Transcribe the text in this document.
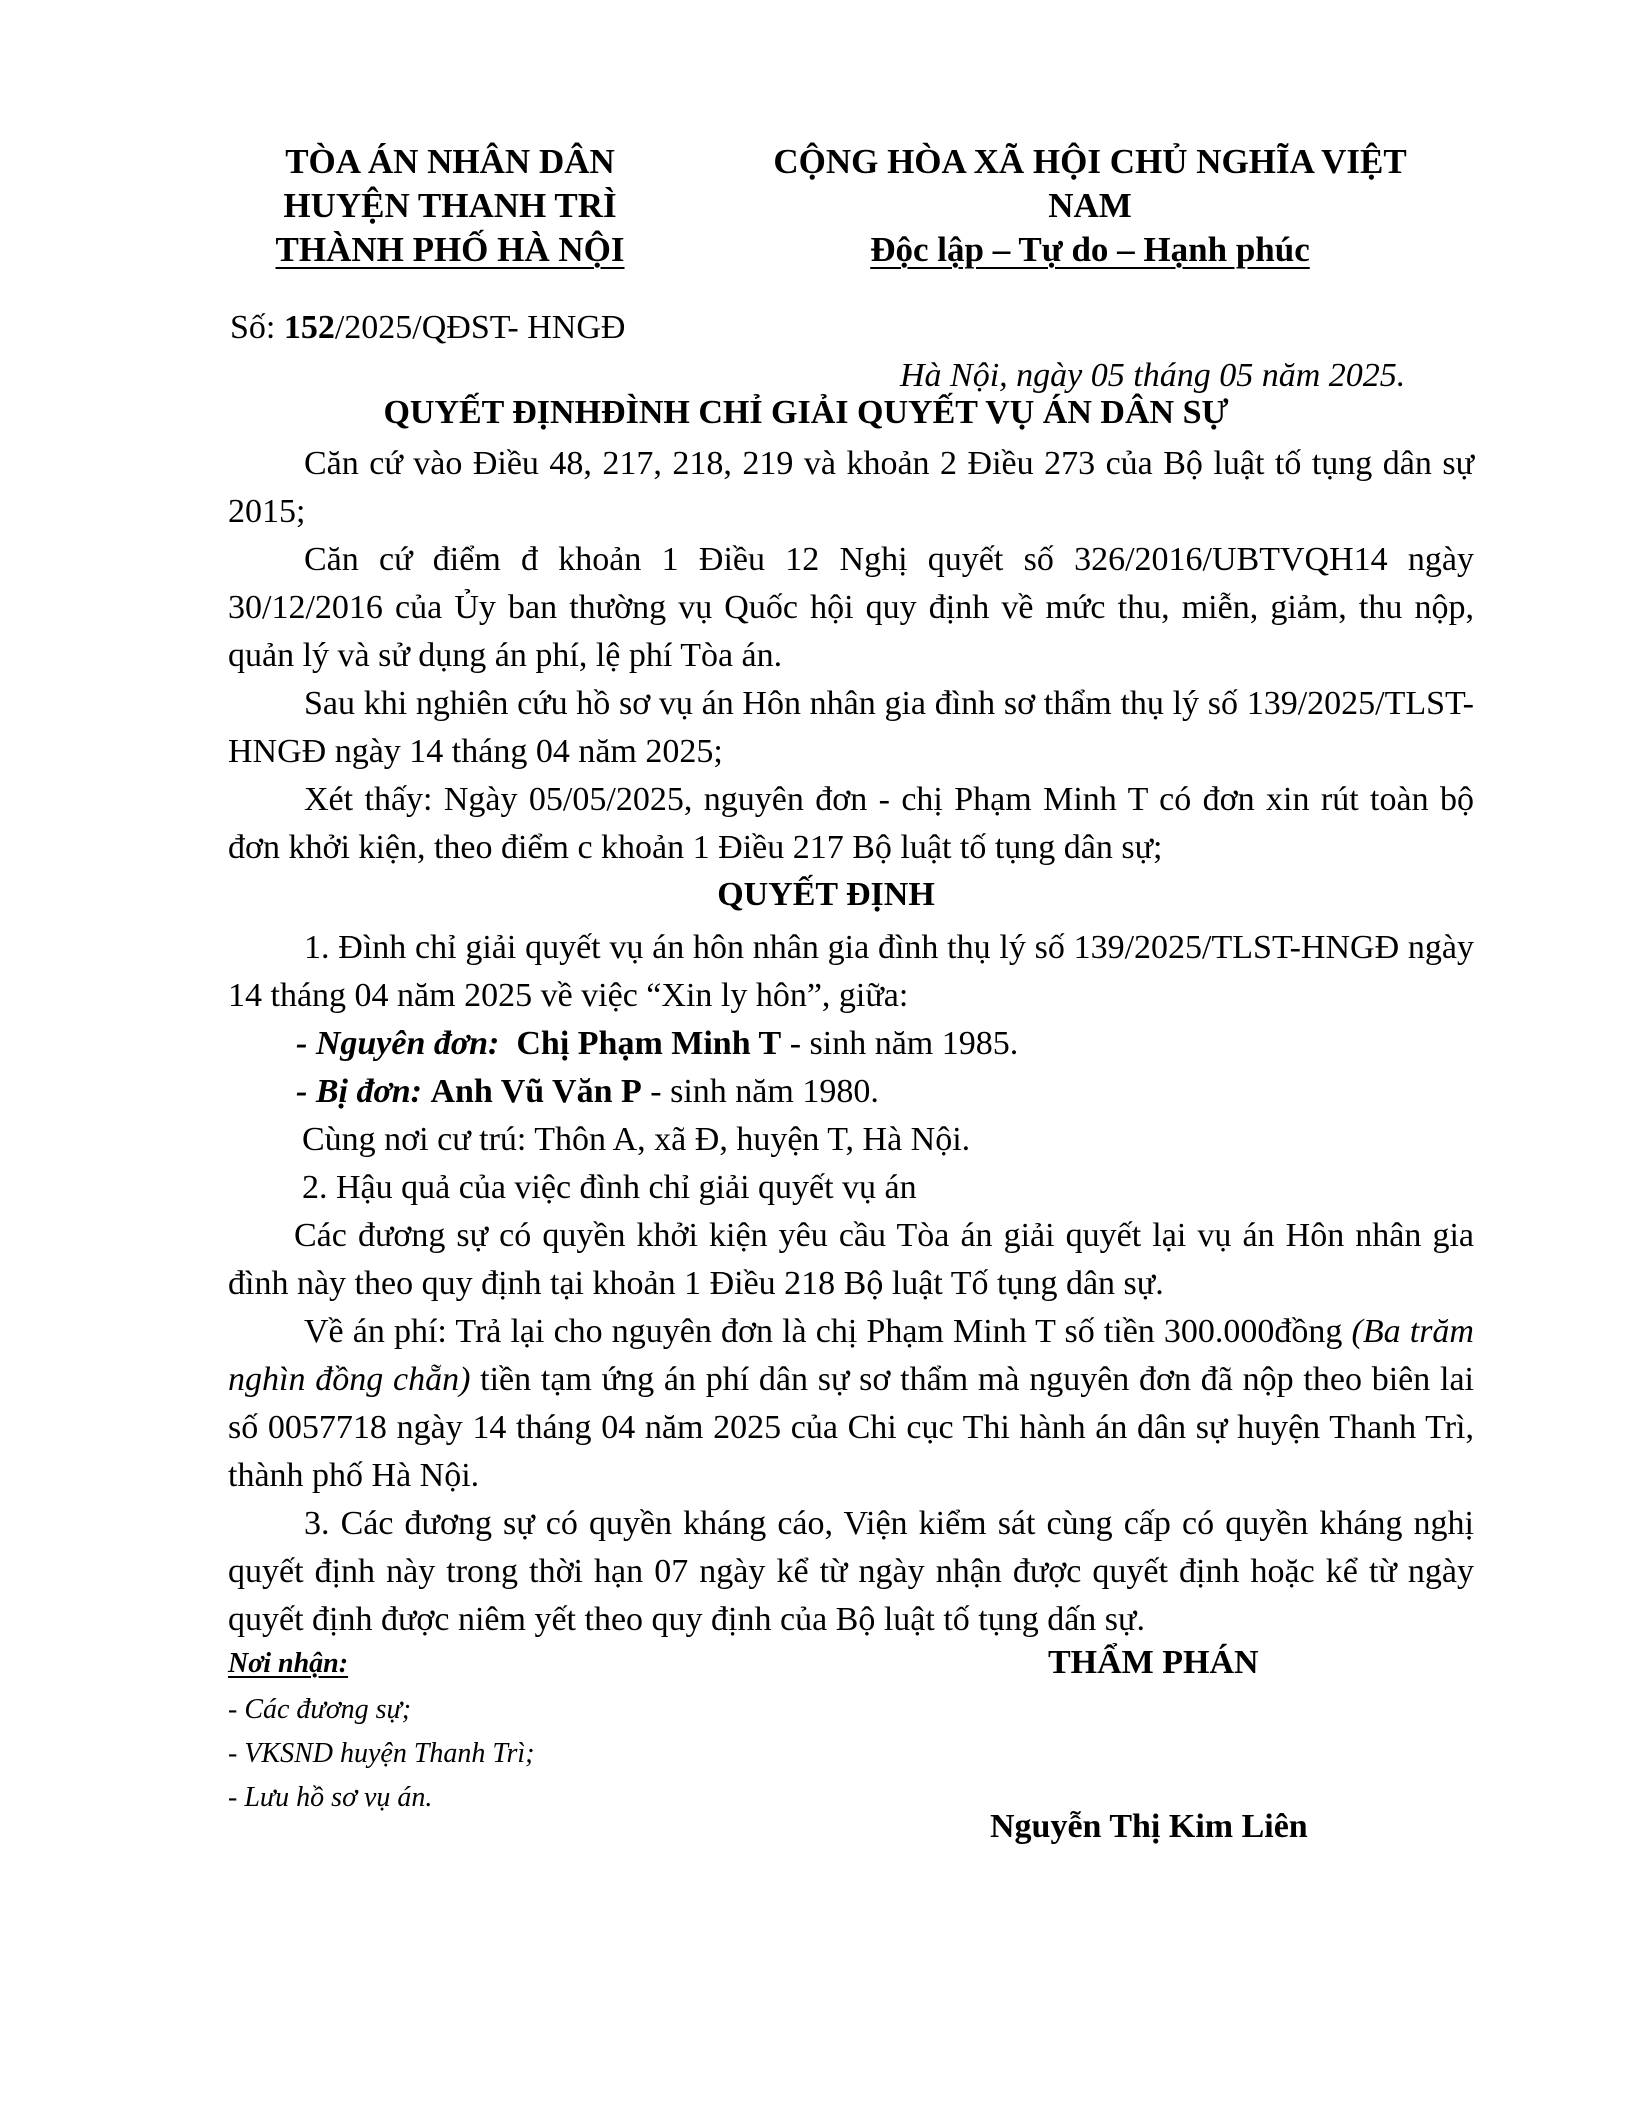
TÒA ÁN NHÂN DÂN
HUYỆN THANH TRÌ
THÀNH PHỐ HÀ NỘI
CỘNG HÒA XÃ HỘI CHỦ NGHĨA VIỆT
NAM
Độc lập – Tự do – Hạnh phúc
Số: 152/2025/QĐST- HNGĐ
Hà Nội, ngày 05 tháng 05 năm 2025.
QUYẾT ĐỊNHĐÌNH CHỈ GIẢI QUYẾT VỤ ÁN DÂN SỰ
Căn cứ vào Điều 48, 217, 218, 219 và khoản 2 Điều 273 của Bộ luật tố tụng dân sự 2015;
Căn cứ điểm đ khoản 1 Điều 12 Nghị quyết số 326/2016/UBTVQH14 ngày 30/12/2016 của Ủy ban thường vụ Quốc hội quy định về mức thu, miễn, giảm, thu nộp, quản lý và sử dụng án phí, lệ phí Tòa án.
Sau khi nghiên cứu hồ sơ vụ án Hôn nhân gia đình sơ thẩm thụ lý số 139/2025/TLST-HNGĐ ngày 14 tháng 04 năm 2025;
Xét thấy: Ngày 05/05/2025, nguyên đơn - chị Phạm Minh T có đơn xin rút toàn bộ đơn khởi kiện, theo điểm c khoản 1 Điều 217 Bộ luật tố tụng dân sự;
QUYẾT ĐỊNH
1. Đình chỉ giải quyết vụ án hôn nhân gia đình thụ lý số 139/2025/TLST-HNGĐ ngày 14 tháng 04 năm 2025 về việc “Xin ly hôn”, giữa:
- Nguyên đơn: Chị Phạm Minh T - sinh năm 1985.
- Bị đơn: Anh Vũ Văn P - sinh năm 1980.
Cùng nơi cư trú: Thôn A, xã Đ, huyện T, Hà Nội.
2. Hậu quả của việc đình chỉ giải quyết vụ án
Các đương sự có quyền khởi kiện yêu cầu Tòa án giải quyết lại vụ án Hôn nhân gia đình này theo quy định tại khoản 1 Điều 218 Bộ luật Tố tụng dân sự.
Về án phí: Trả lại cho nguyên đơn là chị Phạm Minh T số tiền 300.000đồng (Ba trăm nghìn đồng chẵn) tiền tạm ứng án phí dân sự sơ thẩm mà nguyên đơn đã nộp theo biên lai số 0057718 ngày 14 tháng 04 năm 2025 của Chi cục Thi hành án dân sự huyện Thanh Trì, thành phố Hà Nội.
3. Các đương sự có quyền kháng cáo, Viện kiểm sát cùng cấp có quyền kháng nghị quyết định này trong thời hạn 07 ngày kể từ ngày nhận được quyết định hoặc kể từ ngày quyết định được niêm yết theo quy định của Bộ luật tố tụng dấn sự.
Nơi nhận:
- Các đương sự;
- VKSND huyện Thanh Trì;
- Lưu hồ sơ vụ án.
THẨM PHÁN
Nguyễn Thị Kim Liên
